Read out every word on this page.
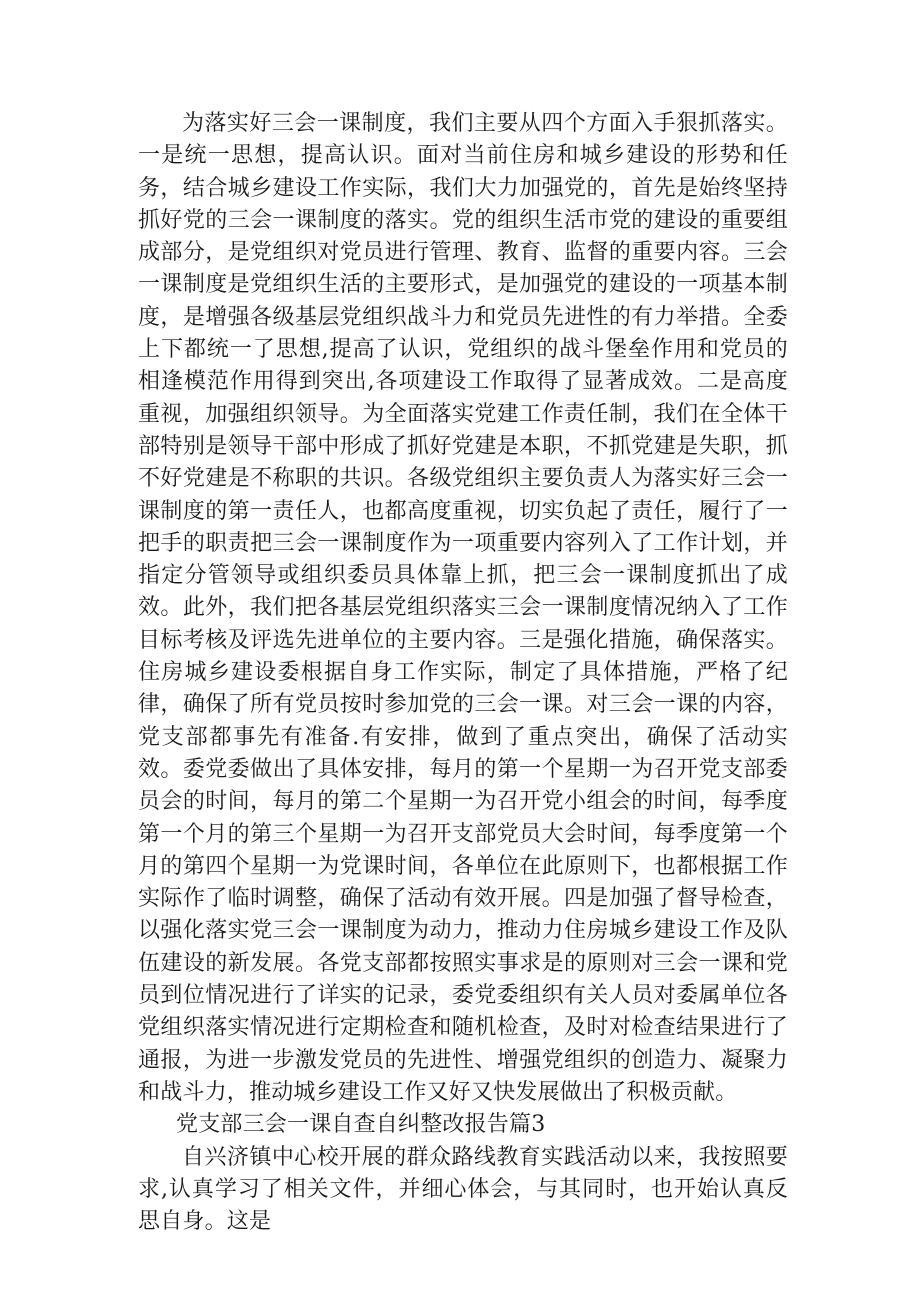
为落实好三会一课制度，我们主要从四个方面入手狠抓落实。一是统一思想，提高认识。面对当前住房和城乡建设的形势和任务，结合城乡建设工作实际，我们大力加强党的，首先是始终坚持抓好党的三会一课制度的落实。党的组织生活市党的建设的重要组成部分，是党组织对党员进行管理、教育、监督的重要内容。三会一课制度是党组织生活的主要形式，是加强党的建设的一项基本制度，是增强各级基层党组织战斗力和党员先进性的有力举措。全委上下都统一了思想,提高了认识，党组织的战斗堡垒作用和党员的相逢模范作用得到突出,各项建设工作取得了显著成效。二是高度重视，加强组织领导。为全面落实党建工作责任制，我们在全体干部特别是领导干部中形成了抓好党建是本职，不抓党建是失职，抓不好党建是不称职的共识。各级党组织主要负责人为落实好三会一课制度的第一责任人，也都高度重视，切实负起了责任，履行了一把手的职责把三会一课制度作为一项重要内容列入了工作计划，并指定分管领导或组织委员具体靠上抓，把三会一课制度抓出了成效。此外，我们把各基层党组织落实三会一课制度情况纳入了工作目标考核及评选先进单位的主要内容。三是强化措施，确保落实。住房城乡建设委根据自身工作实际，制定了具体措施，严格了纪律，确保了所有党员按时参加党的三会一课。对三会一课的内容，党支部都事先有准备.有安排，做到了重点突出，确保了活动实效。委党委做出了具体安排，每月的第一个星期一为召开党支部委员会的时间，每月的第二个星期一为召开党小组会的时间，每季度第一个月的第三个星期一为召开支部党员大会时间，每季度第一个月的第四个星期一为党课时间，各单位在此原则下，也都根据工作实际作了临时调整，确保了活动有效开展。四是加强了督导检查，以强化落实党三会一课制度为动力，推动力住房城乡建设工作及队伍建设的新发展。各党支部都按照实事求是的原则对三会一课和党员到位情况进行了详实的记录，委党委组织有关人员对委属单位各党组织落实情况进行定期检查和随机检查，及时对检查结果进行了通报，为进一步激发党员的先进性、增强党组织的创造力、凝聚力和战斗力，推动城乡建设工作又好又快发展做出了积极贡献。

党支部三会一课自查自纠整改报告篇3

自兴济镇中心校开展的群众路线教育实践活动以来，我按照要求,认真学习了相关文件，并细心体会，与其同时，也开始认真反思自身。这是
